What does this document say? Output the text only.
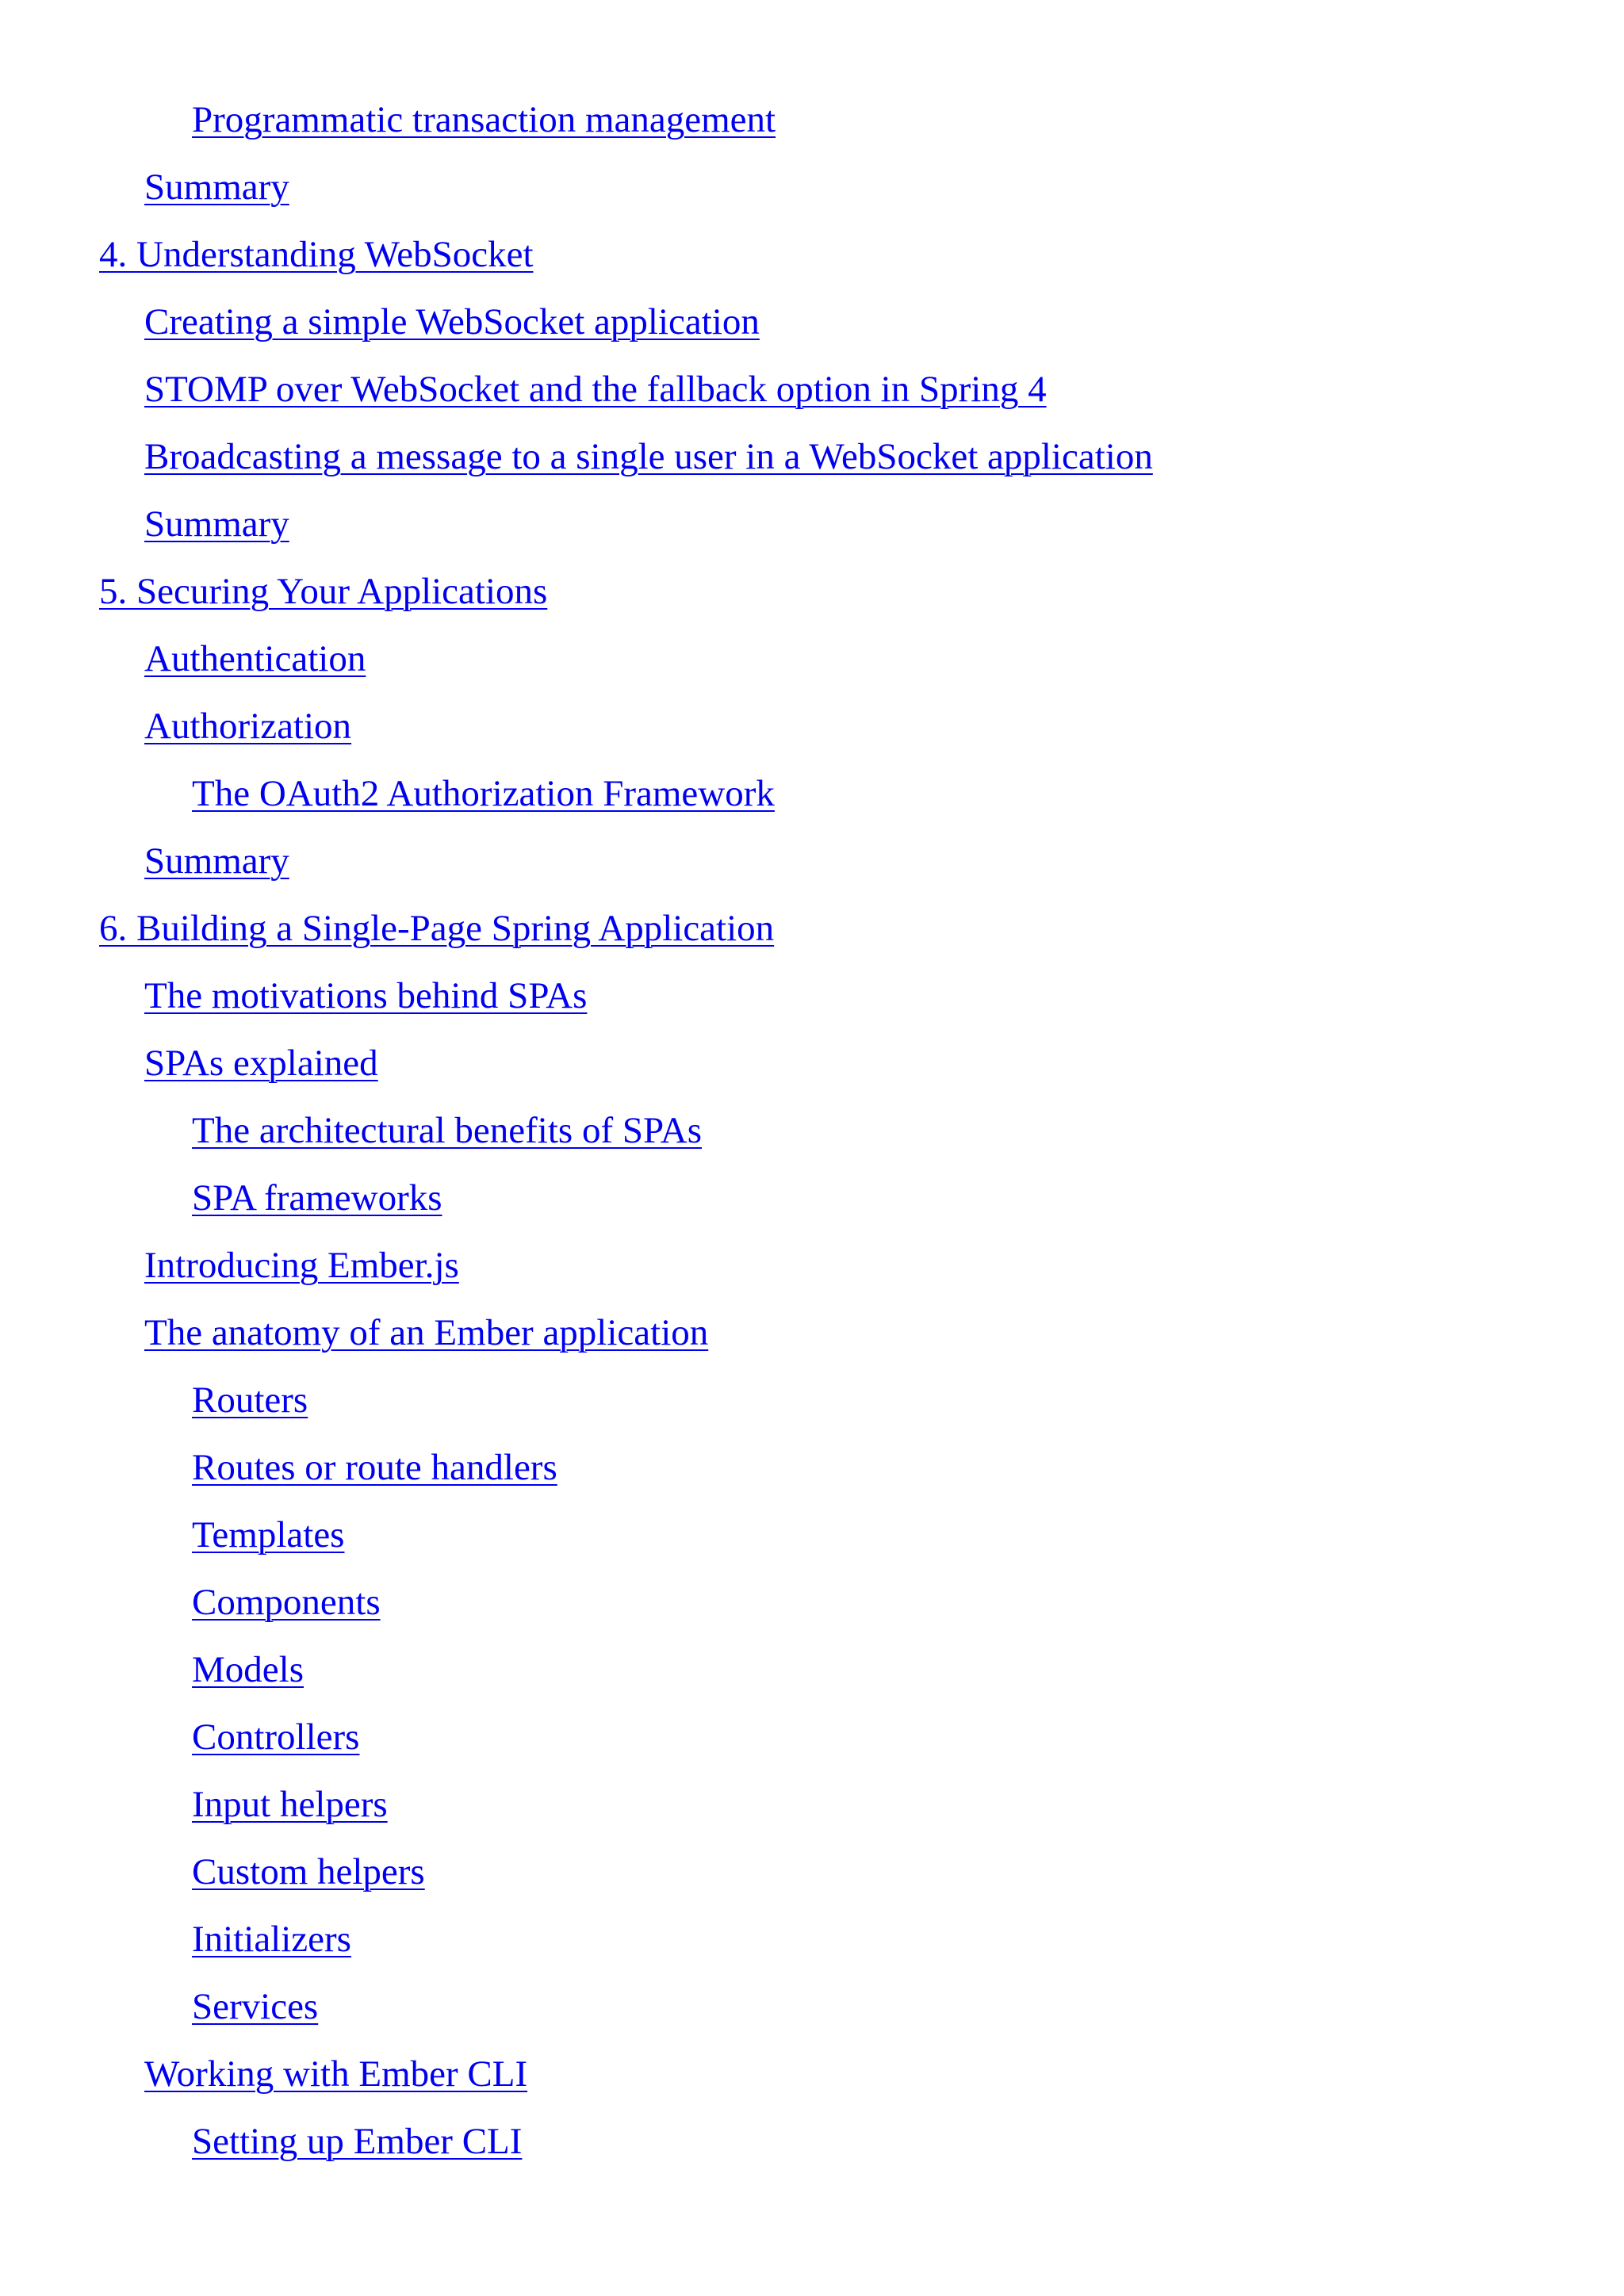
Programmatic transaction management
Summary
4. Understanding WebSocket
Creating a simple WebSocket application
STOMP over WebSocket and the fallback option in Spring 4
Broadcasting a message to a single user in a WebSocket application
Summary
5. Securing Your Applications
Authentication
Authorization
The OAuth2 Authorization Framework
Summary
6. Building a Single-Page Spring Application
The motivations behind SPAs
SPAs explained
The architectural benefits of SPAs
SPA frameworks
Introducing Ember.js
The anatomy of an Ember application
Routers
Routes or route handlers
Templates
Components
Models
Controllers
Input helpers
Custom helpers
Initializers
Services
Working with Ember CLI
Setting up Ember CLI
